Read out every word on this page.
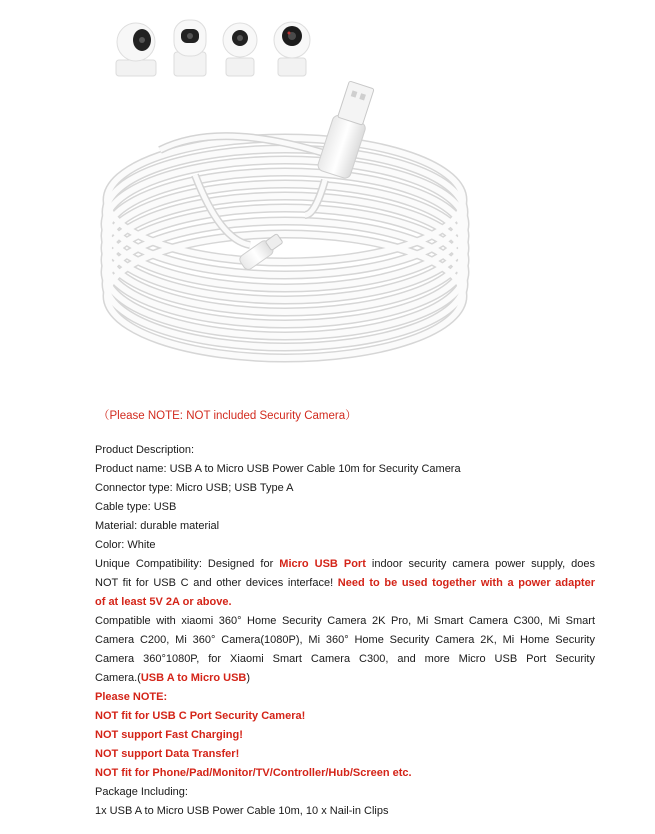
（Please NOTE: NOT included Security Camera）
Product Description:
Product name: USB A to Micro USB Power Cable 10m for Security Camera
Connector type: Micro USB; USB Type A
Cable type: USB
Material: durable material
Color: White
Unique Compatibility: Designed for Micro USB Port indoor security camera power supply, does
NOT fit for USB C and other devices interface! Need to be used together with a power adapter
of at least 5V 2A or above.
Compatible with xiaomi 360° Home Security Camera 2K Pro, Mi Smart Camera C300, Mi Smart
Camera C200, Mi 360° Camera(1080P), Mi 360° Home Security Camera 2K, Mi Home Security
Camera 360°1080P, for Xiaomi Smart Camera C300, and more Micro USB Port Security
Camera.(USB A to Micro USB)
Please NOTE:
NOT fit for USB C Port Security Camera!
NOT support Fast Charging!
NOT support Data Transfer!
NOT fit for Phone/Pad/Monitor/TV/Controller/Hub/Screen etc.
Package Including:
1x USB A to Micro USB Power Cable 10m, 10 x Nail-in Clips
